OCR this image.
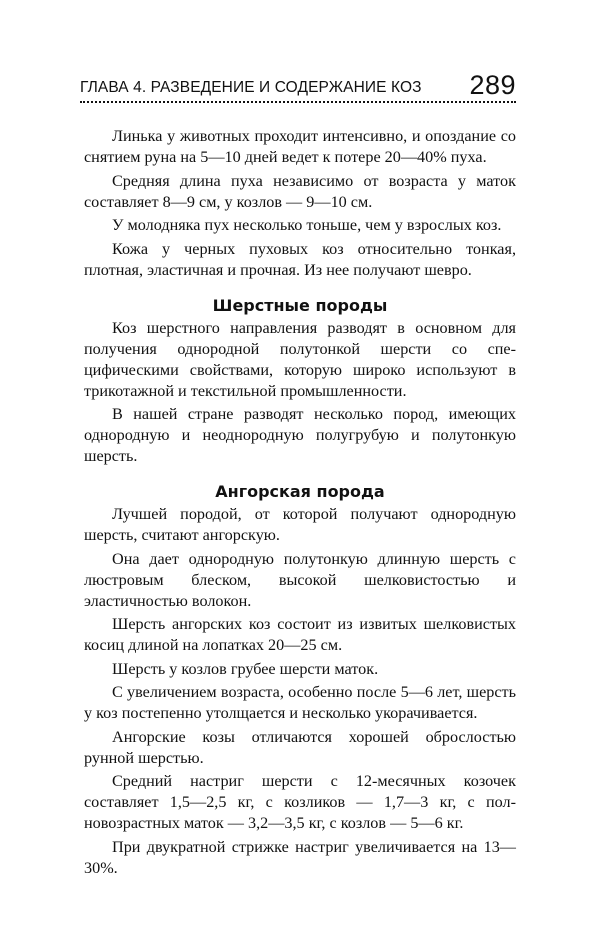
ГЛАВА 4. РАЗВЕДЕНИЕ И СОДЕРЖАНИЕ КОЗ 289

Линька у животных проходит интенсивно, и опоздание со снятием руна на 5—10 дней ведет к потере 20—40% пуха.

Средняя длина пуха независимо от возраста у маток составляет 8—9 см, у козлов — 9—10 см.

У молодняка пух несколько тоньше, чем у взрослых коз.

Кожа у черных пуховых коз относительно тонкая, плотная, эластичная и прочная. Из нее получают шевро.

Шерстные породы

Коз шерстного направления разводят в основном для получения однородной полутонкой шерсти со специфическими свойствами, которую широко используют в трикотажной и текстильной промышленности.

В нашей стране разводят несколько пород, имеющих однородную и неоднородную полугрубую и полутонкую шерсть.

Ангорская порода

Лучшей породой, от которой получают однородную шерсть, считают ангорскую.

Она дает однородную полутонкую длинную шерсть с люстровым блеском, высокой шелковистостью и эластичностью волокон.

Шерсть ангорских коз состоит из извитых шелковистых косиц длиной на лопатках 20—25 см.

Шерсть у козлов грубее шерсти маток.

С увеличением возраста, особенно после 5—6 лет, шерсть у коз постепенно утолщается и несколько укорачивается.

Ангорские козы отличаются хорошей оброслостью рунной шерстью.

Средний настриг шерсти с 12-месячных козочек составляет 1,5—2,5 кг, с козликов — 1,7—3 кг, с полновозрастных маток — 3,2—3,5 кг, с козлов — 5—6 кг.

При двукратной стрижке настриг увеличивается на 13—30%.
